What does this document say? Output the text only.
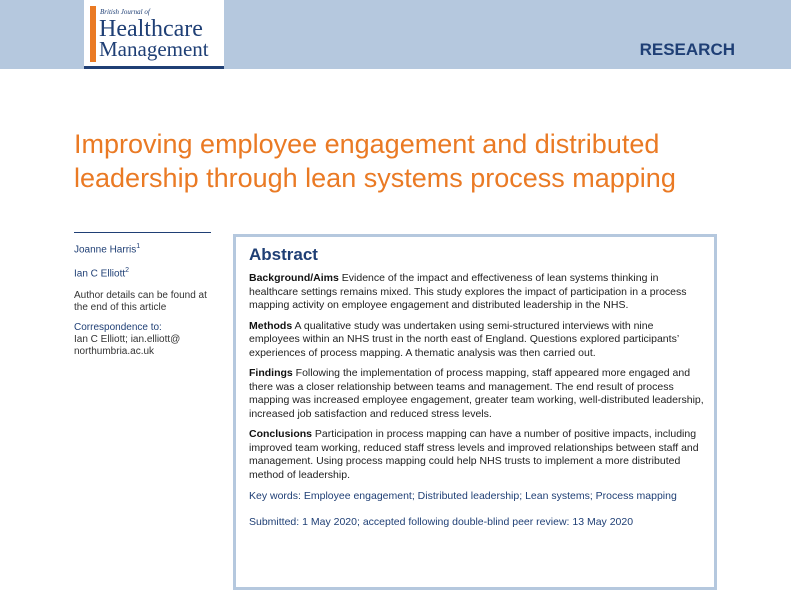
British Journal of
Healthcare
Management	RESEARCH
Improving employee engagement and distributed leadership through lean systems process mapping
Joanne Harris$^1$
Ian C Elliott$^2$
Author details can be found at the end of this article
Correspondence to:
Ian C Elliott; ian.elliott@ northumbria.ac.uk
Abstract

Background/Aims Evidence of the impact and effectiveness of lean systems thinking in healthcare settings remains mixed. This study explores the impact of participation in a process mapping activity on employee engagement and distributed leadership in the NHS.

Methods A qualitative study was undertaken using semi-structured interviews with nine employees within an NHS trust in the north east of England. Questions explored participants’ experiences of process mapping. A thematic analysis was then carried out.

Findings Following the implementation of process mapping, staff appeared more engaged and there was a closer relationship between teams and management. The end result of process mapping was increased employee engagement, greater team working, well-distributed leadership, increased job satisfaction and reduced stress levels.

Conclusions Participation in process mapping can have a number of positive impacts, including improved team working, reduced staff stress levels and improved relationships between staff and management. Using process mapping could help NHS trusts to implement a more distributed method of leadership.

Key words: Employee engagement; Distributed leadership; Lean systems; Process mapping

Submitted: 1 May 2020; accepted following double-blind peer review: 13 May 2020
